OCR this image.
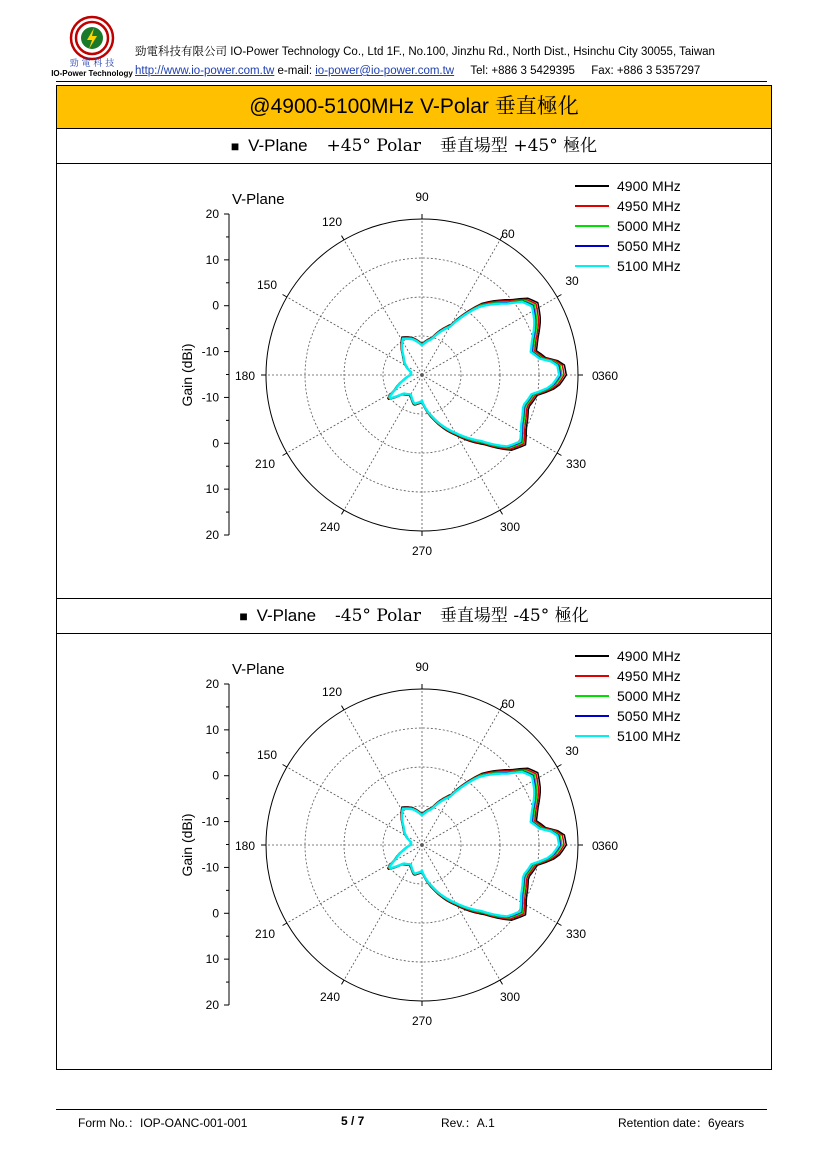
勁 電 科 技
IO-Power Technology
勁電科技有限公司 IO-Power Technology Co., Ltd 1F., No.100, Jinzhu Rd., North Dist., Hsinchu City 30055, Taiwan
http://www.io-power.com.tw e-mail: io-power@io-power.com.tw Tel: +886 3 5429395 Fax: +886 3 5357297
@4900-5100MHz V-Polar 垂直極化
■ V-Plane +45° Polar 垂直場型 +45° 極化
90
60
30
0 360
330
300
270
240
210
180
150
120
20
10
0
-10
-10
0
10
20
Gain (dBi)
V-Plane
4900 MHz
4950 MHz
5000 MHz
5050 MHz
5100 MHz
■ V-Plane -45° Polar 垂直場型 -45° 極化
90
60
30
0 360
330
300
270
240
210
180
150
120
20
10
0
-10
-10
0
10
20
Gain (dBi)
V-Plane
4900 MHz
4950 MHz
5000 MHz
5050 MHz
5100 MHz
Form No.：IOP-OANC-001-001	5 / 7	Rev.：A.1	Retention date：6years
